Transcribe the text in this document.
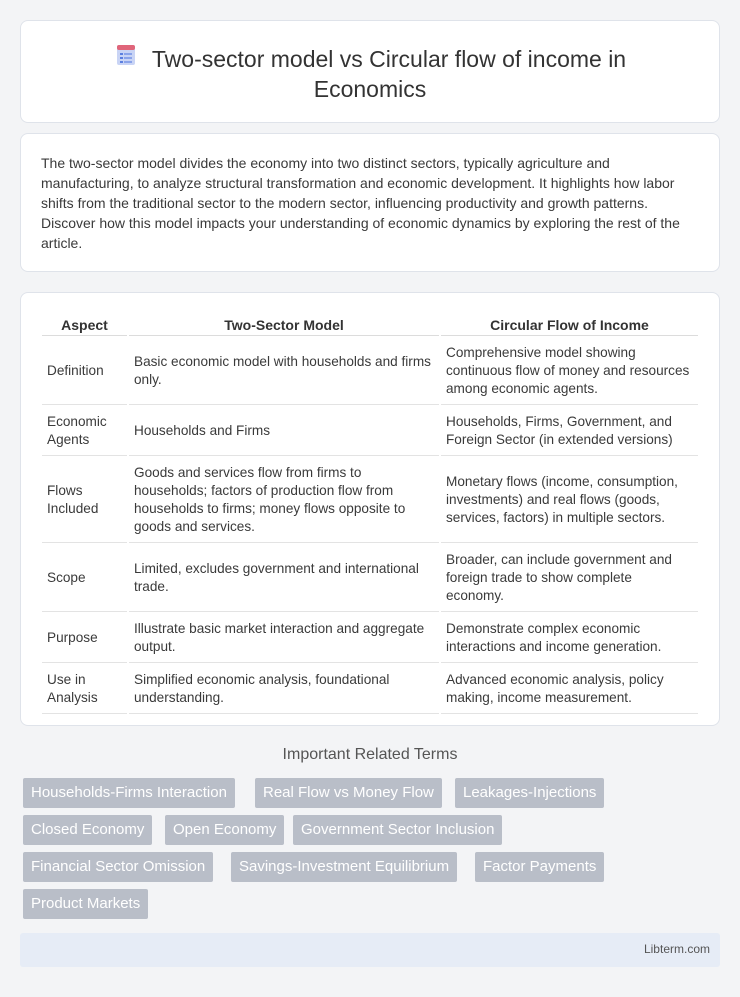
Two-sector model vs Circular flow of income in
Economics

The two-sector model divides the economy into two distinct sectors, typically agriculture and manufacturing, to analyze structural transformation and economic development. It highlights how labor shifts from the traditional sector to the modern sector, influencing productivity and growth patterns. Discover how this model impacts your understanding of economic dynamics by exploring the rest of the article.

Aspect	Two-Sector Model	Circular Flow of Income
Definition	Basic economic model with households and firms only.	Comprehensive model showing continuous flow of money and resources among economic agents.
Economic Agents	Households and Firms	Households, Firms, Government, and Foreign Sector (in extended versions)
Flows Included	Goods and services flow from firms to households; factors of production flow from households to firms; money flows opposite to goods and services.	Monetary flows (income, consumption, investments) and real flows (goods, services, factors) in multiple sectors.
Scope	Limited, excludes government and international trade.	Broader, can include government and foreign trade to show complete economy.
Purpose	Illustrate basic market interaction and aggregate output.	Demonstrate complex economic interactions and income generation.
Use in Analysis	Simplified economic analysis, foundational understanding.	Advanced economic analysis, policy making, income measurement.
Important Related Terms
Households-Firms Interaction	Real Flow vs Money Flow	Leakages-Injections
Closed Economy	Open Economy	Government Sector Inclusion
Financial Sector Omission	Savings-Investment Equilibrium	Factor Payments
Product Markets
Libterm.com
